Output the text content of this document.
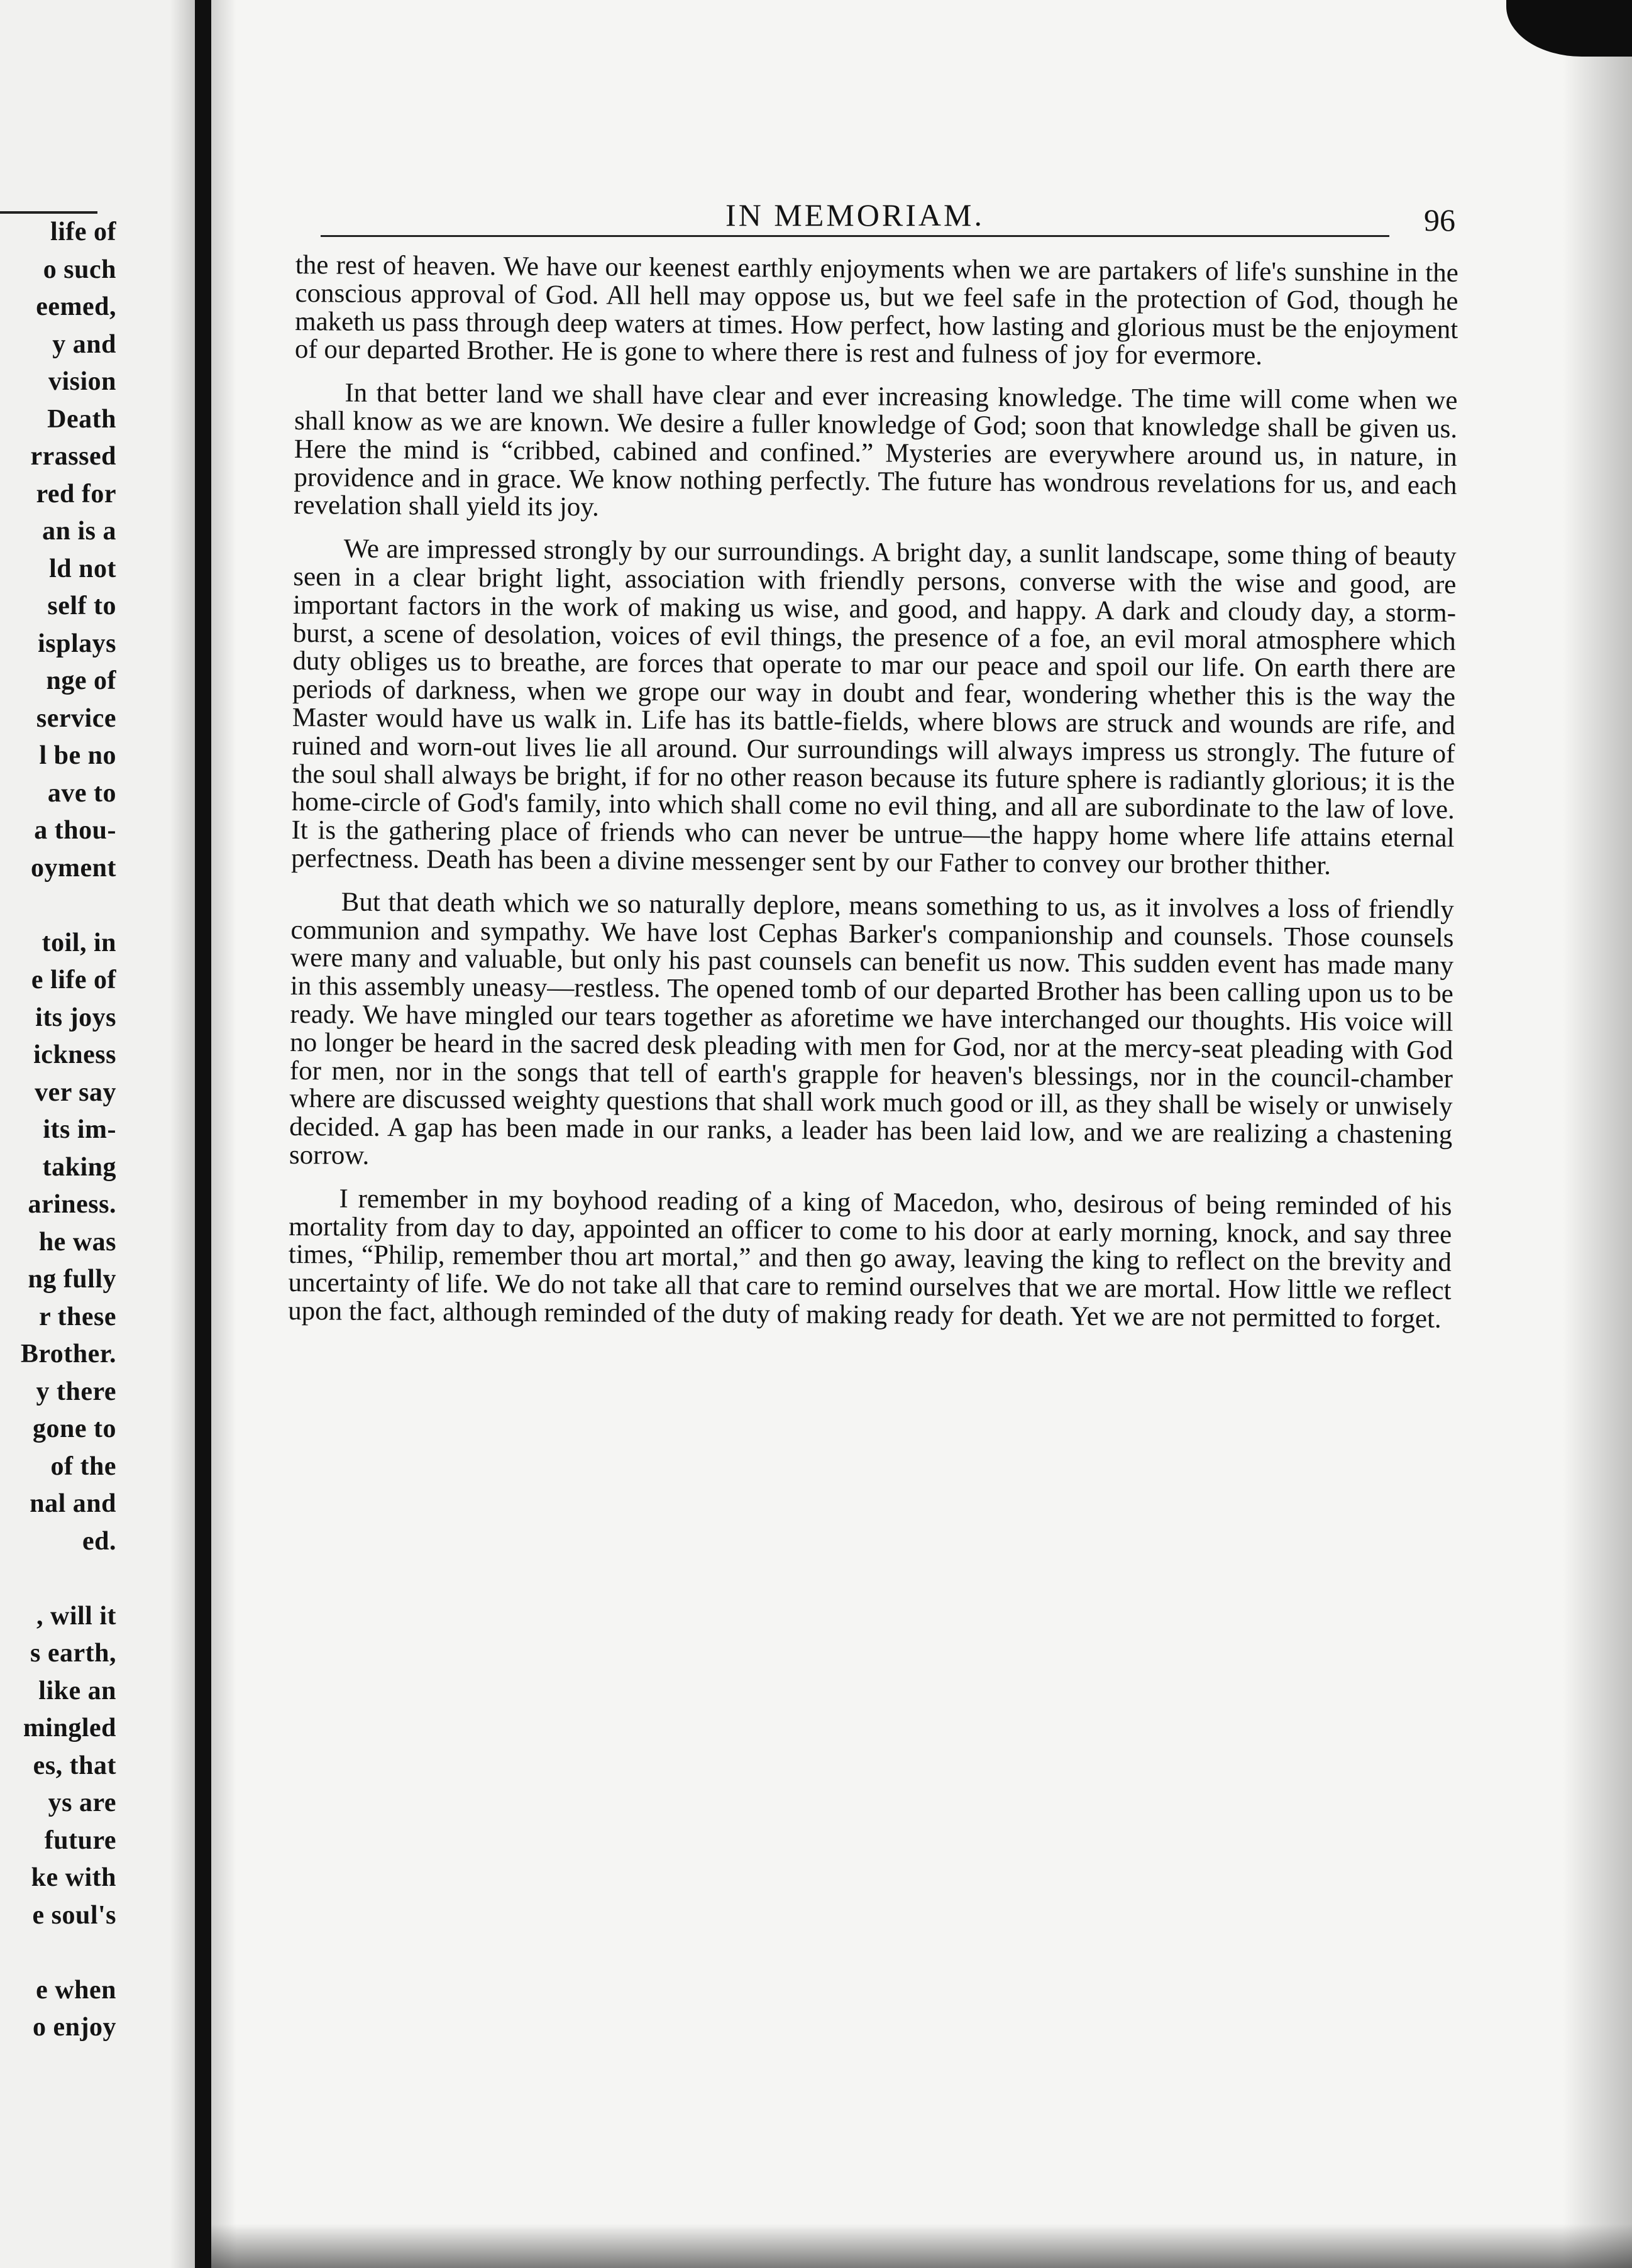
life of
o such
eemed,
y and
vision
Death
rrassed
red for
an is a
ld not
self to
isplays
nge of
service
l be no
ave to
a thou-
oyment
toil, in
e life of
its joys
ickness
ver say
its im-
taking
ariness.
he was
ng fully
r these
Brother.
y there
gone to
of the
nal and
ed.
, will it
s earth,
like an
mingled
es, that
ys are
future
ke with
e soul's
e when
o enjoy
IN MEMORIAM.	96

the rest of heaven. We have our keenest earthly enjoyments when we are partakers of life's sunshine in the conscious approval of God. All hell may oppose us, but we feel safe in the protection of God, though he maketh us pass through deep waters at times. How perfect, how lasting and glorious must be the enjoyment of our departed Brother. He is gone to where there is rest and fulness of joy for evermore.

In that better land we shall have clear and ever increasing knowledge. The time will come when we shall know as we are known. We desire a fuller knowledge of God; soon that knowledge shall be given us. Here the mind is “cribbed, cabined and confined.” Mysteries are everywhere around us, in nature, in providence and in grace. We know nothing perfectly. The future has wondrous revelations for us, and each revelation shall yield its joy.

We are impressed strongly by our surroundings. A bright day, a sunlit landscape, some thing of beauty seen in a clear bright light, association with friendly persons, converse with the wise and good, are important factors in the work of making us wise, and good, and happy. A dark and cloudy day, a storm-burst, a scene of desolation, voices of evil things, the presence of a foe, an evil moral atmosphere which duty obliges us to breathe, are forces that operate to mar our peace and spoil our life. On earth there are periods of darkness, when we grope our way in doubt and fear, wondering whether this is the way the Master would have us walk in. Life has its battle-fields, where blows are struck and wounds are rife, and ruined and worn-out lives lie all around. Our surroundings will always impress us strongly. The future of the soul shall always be bright, if for no other reason because its future sphere is radiantly glorious; it is the home-circle of God's family, into which shall come no evil thing, and all are subordinate to the law of love. It is the gathering place of friends who can never be untrue—the happy home where life attains eternal perfectness. Death has been a divine messenger sent by our Father to convey our brother thither.

But that death which we so naturally deplore, means something to us, as it involves a loss of friendly communion and sympathy. We have lost Cephas Barker's companionship and counsels. Those counsels were many and valuable, but only his past counsels can benefit us now. This sudden event has made many in this assembly uneasy—restless. The opened tomb of our departed Brother has been calling upon us to be ready. We have mingled our tears together as aforetime we have interchanged our thoughts. His voice will no longer be heard in the sacred desk pleading with men for God, nor at the mercy-seat pleading with God for men, nor in the songs that tell of earth's grapple for heaven's blessings, nor in the council-chamber where are discussed weighty questions that shall work much good or ill, as they shall be wisely or unwisely decided. A gap has been made in our ranks, a leader has been laid low, and we are realizing a chastening sorrow.

I remember in my boyhood reading of a king of Macedon, who, desirous of being reminded of his mortality from day to day, appointed an officer to come to his door at early morning, knock, and say three times, “Philip, remember thou art mortal,” and then go away, leaving the king to reflect on the brevity and uncertainty of life. We do not take all that care to remind ourselves that we are mortal. How little we reflect upon the fact, although reminded of the duty of making ready for death. Yet we are not permitted to forget.
